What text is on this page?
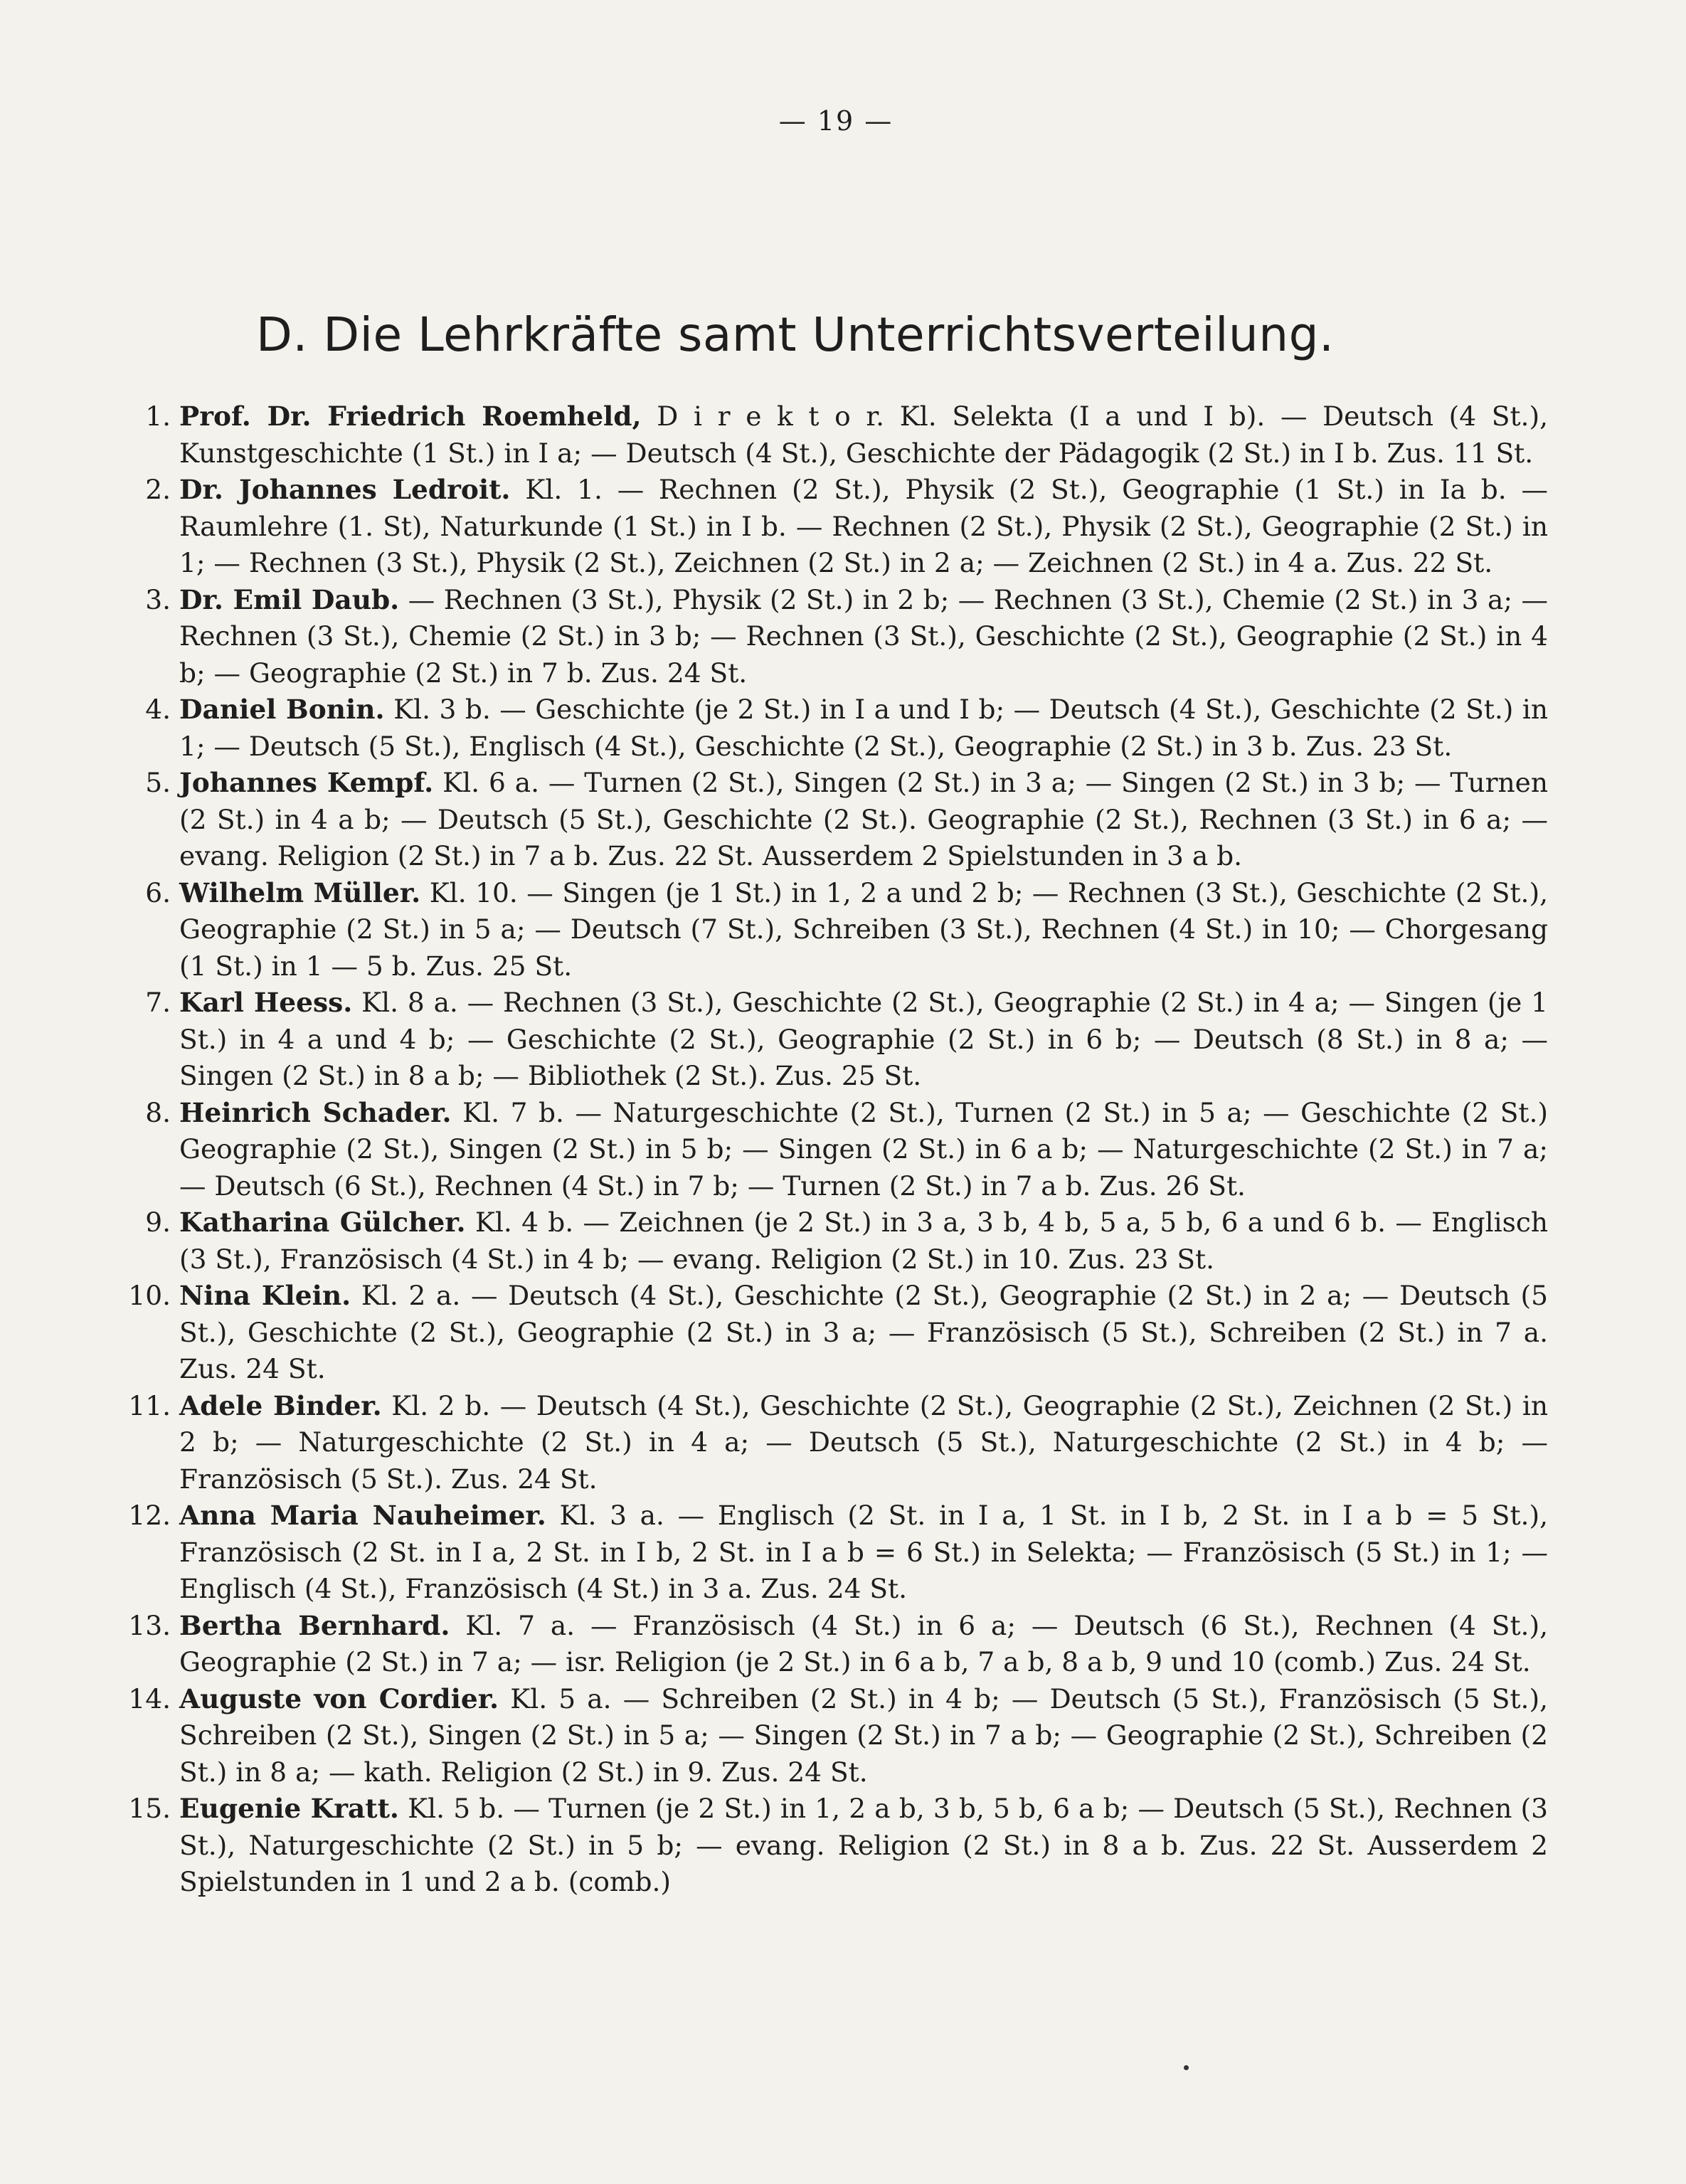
— 19 —
D. Die Lehrkräfte samt Unterrichtsverteilung.
1. Prof. Dr. Friedrich Roemheld, D i r e k t o r. Kl. Selekta (I a und I b). — Deutsch (4 St.), Kunstgeschichte (1 St.) in I a; — Deutsch (4 St.), Geschichte der Pädagogik (2 St.) in I b. Zus. 11 St.
2. Dr. Johannes Ledroit. Kl. 1. — Rechnen (2 St.), Physik (2 St.), Geographie (1 St.) in Ia b. — Raumlehre (1. St), Naturkunde (1 St.) in I b. — Rechnen (2 St.), Physik (2 St.), Geographie (2 St.) in 1; — Rechnen (3 St.), Physik (2 St.), Zeichnen (2 St.) in 2 a; — Zeichnen (2 St.) in 4 a. Zus. 22 St.
3. Dr. Emil Daub. — Rechnen (3 St.), Physik (2 St.) in 2 b; — Rechnen (3 St.), Chemie (2 St.) in 3 a; — Rechnen (3 St.), Chemie (2 St.) in 3 b; — Rechnen (3 St.), Geschichte (2 St.), Geographie (2 St.) in 4 b; — Geographie (2 St.) in 7 b. Zus. 24 St.
4. Daniel Bonin. Kl. 3 b. — Geschichte (je 2 St.) in I a und I b; — Deutsch (4 St.), Geschichte (2 St.) in 1; — Deutsch (5 St.), Englisch (4 St.), Geschichte (2 St.), Geographie (2 St.) in 3 b. Zus. 23 St.
5. Johannes Kempf. Kl. 6 a. — Turnen (2 St.), Singen (2 St.) in 3 a; — Singen (2 St.) in 3 b; — Turnen (2 St.) in 4 a b; — Deutsch (5 St.), Geschichte (2 St.). Geographie (2 St.), Rechnen (3 St.) in 6 a; — evang. Religion (2 St.) in 7 a b. Zus. 22 St. Ausserdem 2 Spielstunden in 3 a b.
6. Wilhelm Müller. Kl. 10. — Singen (je 1 St.) in 1, 2 a und 2 b; — Rechnen (3 St.), Geschichte (2 St.), Geographie (2 St.) in 5 a; — Deutsch (7 St.), Schreiben (3 St.), Rechnen (4 St.) in 10; — Chorgesang (1 St.) in 1 — 5 b. Zus. 25 St.
7. Karl Heess. Kl. 8 a. — Rechnen (3 St.), Geschichte (2 St.), Geographie (2 St.) in 4 a; — Singen (je 1 St.) in 4 a und 4 b; — Geschichte (2 St.), Geographie (2 St.) in 6 b; — Deutsch (8 St.) in 8 a; — Singen (2 St.) in 8 a b; — Bibliothek (2 St.). Zus. 25 St.
8. Heinrich Schader. Kl. 7 b. — Naturgeschichte (2 St.), Turnen (2 St.) in 5 a; — Geschichte (2 St.) Geographie (2 St.), Singen (2 St.) in 5 b; — Singen (2 St.) in 6 a b; — Naturgeschichte (2 St.) in 7 a; — Deutsch (6 St.), Rechnen (4 St.) in 7 b; — Turnen (2 St.) in 7 a b. Zus. 26 St.
9. Katharina Gülcher. Kl. 4 b. — Zeichnen (je 2 St.) in 3 a, 3 b, 4 b, 5 a, 5 b, 6 a und 6 b. — Englisch (3 St.), Französisch (4 St.) in 4 b; — evang. Religion (2 St.) in 10. Zus. 23 St.
10. Nina Klein. Kl. 2 a. — Deutsch (4 St.), Geschichte (2 St.), Geographie (2 St.) in 2 a; — Deutsch (5 St.), Geschichte (2 St.), Geographie (2 St.) in 3 a; — Französisch (5 St.), Schreiben (2 St.) in 7 a. Zus. 24 St.
11. Adele Binder. Kl. 2 b. — Deutsch (4 St.), Geschichte (2 St.), Geographie (2 St.), Zeichnen (2 St.) in 2 b; — Naturgeschichte (2 St.) in 4 a; — Deutsch (5 St.), Naturgeschichte (2 St.) in 4 b; — Französisch (5 St.). Zus. 24 St.
12. Anna Maria Nauheimer. Kl. 3 a. — Englisch (2 St. in I a, 1 St. in I b, 2 St. in I a b = 5 St.), Französisch (2 St. in I a, 2 St. in I b, 2 St. in I a b = 6 St.) in Selekta; — Französisch (5 St.) in 1; — Englisch (4 St.), Französisch (4 St.) in 3 a. Zus. 24 St.
13. Bertha Bernhard. Kl. 7 a. — Französisch (4 St.) in 6 a; — Deutsch (6 St.), Rechnen (4 St.), Geographie (2 St.) in 7 a; — isr. Religion (je 2 St.) in 6 a b, 7 a b, 8 a b, 9 und 10 (comb.) Zus. 24 St.
14. Auguste von Cordier. Kl. 5 a. — Schreiben (2 St.) in 4 b; — Deutsch (5 St.), Französisch (5 St.), Schreiben (2 St.), Singen (2 St.) in 5 a; — Singen (2 St.) in 7 a b; — Geographie (2 St.), Schreiben (2 St.) in 8 a; — kath. Religion (2 St.) in 9. Zus. 24 St.
15. Eugenie Kratt. Kl. 5 b. — Turnen (je 2 St.) in 1, 2 a b, 3 b, 5 b, 6 a b; — Deutsch (5 St.), Rechnen (3 St.), Naturgeschichte (2 St.) in 5 b; — evang. Religion (2 St.) in 8 a b. Zus. 22 St. Ausserdem 2 Spielstunden in 1 und 2 a b. (comb.)
